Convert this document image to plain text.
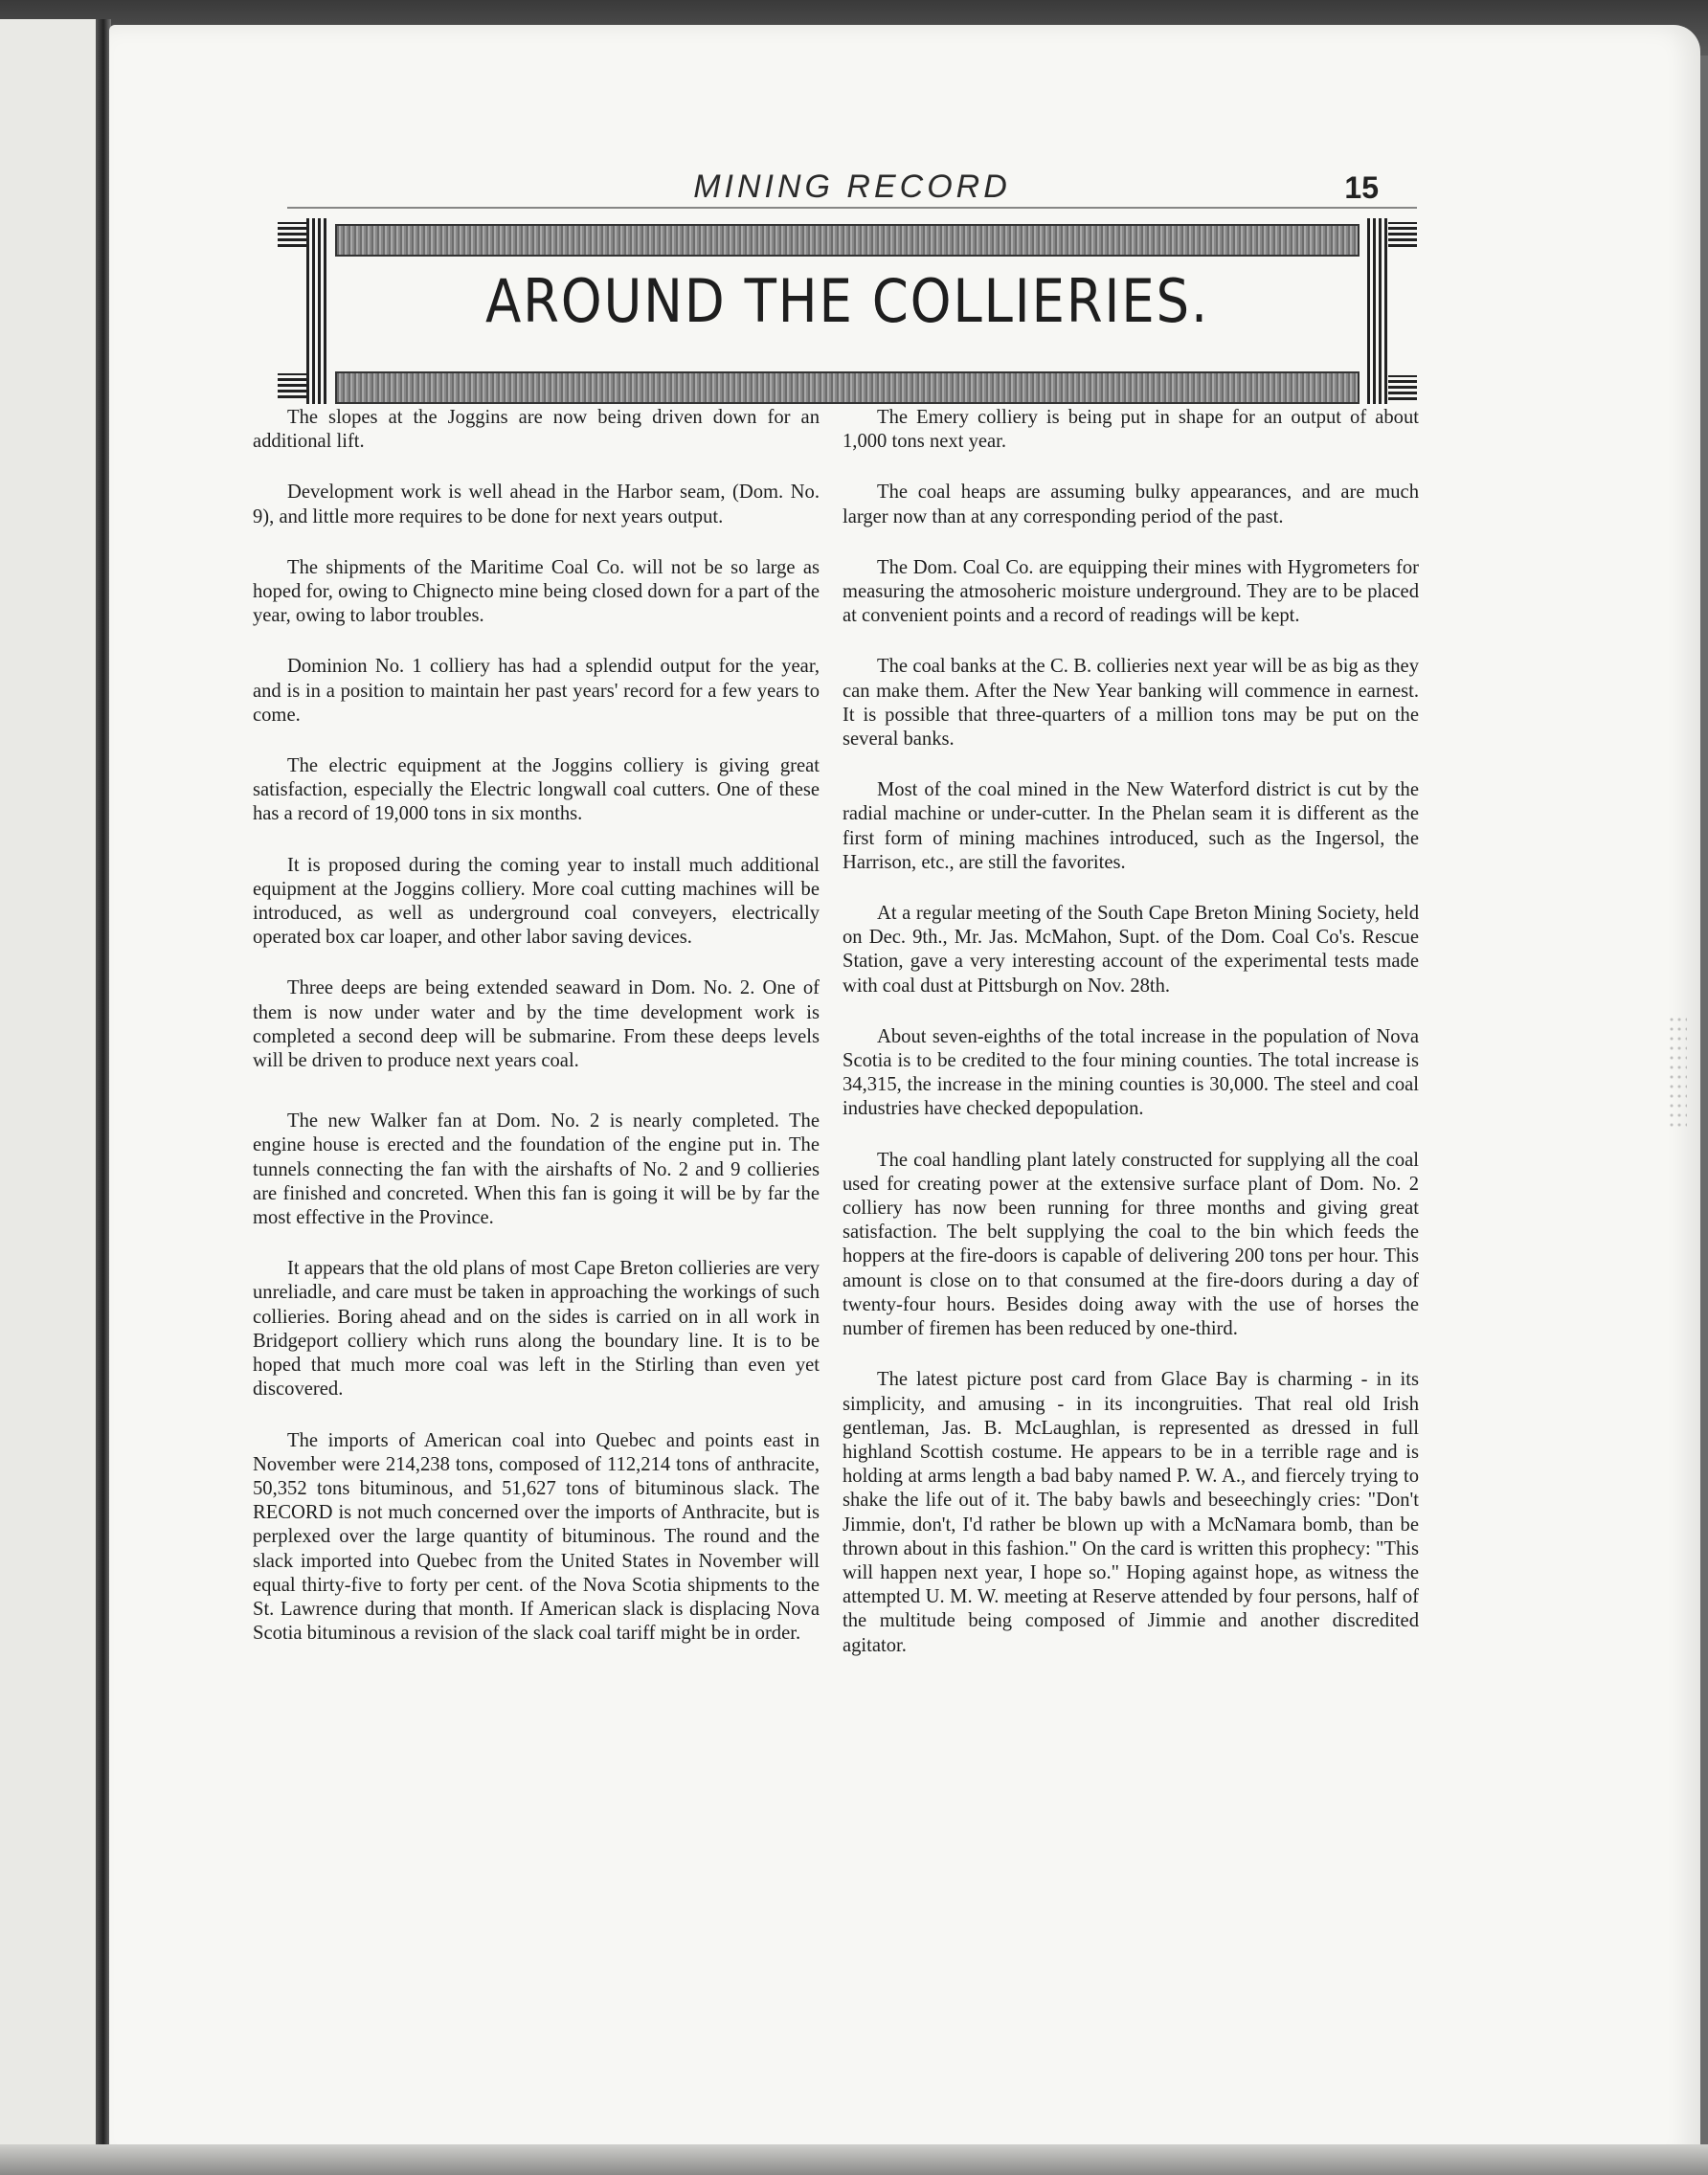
MINING RECORD	15
AROUND THE COLLIERIES.

The slopes at the Joggins are now being driven down for an additional lift.

Development work is well ahead in the Harbor seam, (Dom. No. 9), and little more requires to be done for next years output.

The shipments of the Maritime Coal Co. will not be so large as hoped for, owing to Chignecto mine being closed down for a part of the year, owing to labor troubles.

Dominion No. 1 colliery has had a splendid output for the year, and is in a position to maintain her past years' record for a few years to come.

The electric equipment at the Joggins colliery is giving great satisfaction, especially the Electric longwall coal cutters. One of these has a record of 19,000 tons in six months.

It is proposed during the coming year to install much additional equipment at the Joggins colliery. More coal cutting machines will be introduced, as well as underground coal conveyers, electrically operated box car loaper, and other labor saving devices.

Three deeps are being extended seaward in Dom. No. 2. One of them is now under water and by the time development work is completed a second deep will be submarine. From these deeps levels will be driven to produce next years coal.

The new Walker fan at Dom. No. 2 is nearly completed. The engine house is erected and the foundation of the engine put in. The tunnels connecting the fan with the airshafts of No. 2 and 9 collieries are finished and concreted. When this fan is going it will be by far the most effective in the Province.

It appears that the old plans of most Cape Breton collieries are very unreliadle, and care must be taken in approaching the workings of such collieries. Boring ahead and on the sides is carried on in all work in Bridgeport colliery which runs along the boundary line. It is to be hoped that much more coal was left in the Stirling than even yet discovered.

The imports of American coal into Quebec and points east in November were 214,238 tons, composed of 112,214 tons of anthracite, 50,352 tons bituminous, and 51,627 tons of bituminous slack. The RECORD is not much concerned over the imports of Anthracite, but is perplexed over the large quantity of bituminous. The round and the slack imported into Quebec from the United States in November will equal thirty-five to forty per cent. of the Nova Scotia shipments to the St. Lawrence during that month. If American slack is displacing Nova Scotia bituminous a revision of the slack coal tariff might be in order.

The Emery colliery is being put in shape for an output of about 1,000 tons next year.

The coal heaps are assuming bulky appearances, and are much larger now than at any corresponding period of the past.

The Dom. Coal Co. are equipping their mines with Hygrometers for measuring the atmosoheric moisture underground. They are to be placed at convenient points and a record of readings will be kept.

The coal banks at the C. B. collieries next year will be as big as they can make them. After the New Year banking will commence in earnest. It is possible that three-quarters of a million tons may be put on the several banks.

Most of the coal mined in the New Waterford district is cut by the radial machine or under-cutter. In the Phelan seam it is different as the first form of mining machines introduced, such as the Ingersol, the Harrison, etc., are still the favorites.

At a regular meeting of the South Cape Breton Mining Society, held on Dec. 9th., Mr. Jas. McMahon, Supt. of the Dom. Coal Co's. Rescue Station, gave a very interesting account of the experimental tests made with coal dust at Pittsburgh on Nov. 28th.

About seven-eighths of the total increase in the population of Nova Scotia is to be credited to the four mining counties. The total increase is 34,315, the increase in the mining counties is 30,000. The steel and coal industries have checked depopulation.

The coal handling plant lately constructed for supplying all the coal used for creating power at the extensive surface plant of Dom. No. 2 colliery has now been running for three months and giving great satisfaction. The belt supplying the coal to the bin which feeds the hoppers at the fire-doors is capable of delivering 200 tons per hour. This amount is close on to that consumed at the fire-doors during a day of twenty-four hours. Besides doing away with the use of horses the number of firemen has been reduced by one-third.

The latest picture post card from Glace Bay is charming - in its simplicity, and amusing - in its incongruities. That real old Irish gentleman, Jas. B. McLaughlan, is represented as dressed in full highland Scottish costume. He appears to be in a terrible rage and is holding at arms length a bad baby named P. W. A., and fiercely trying to shake the life out of it. The baby bawls and beseechingly cries: "Don't Jimmie, don't, I'd rather be blown up with a McNamara bomb, than be thrown about in this fashion." On the card is written this prophecy: "This will happen next year, I hope so." Hoping against hope, as witness the attempted U. M. W. meeting at Reserve attended by four persons, half of the multitude being composed of Jimmie and another discredited agitator.
